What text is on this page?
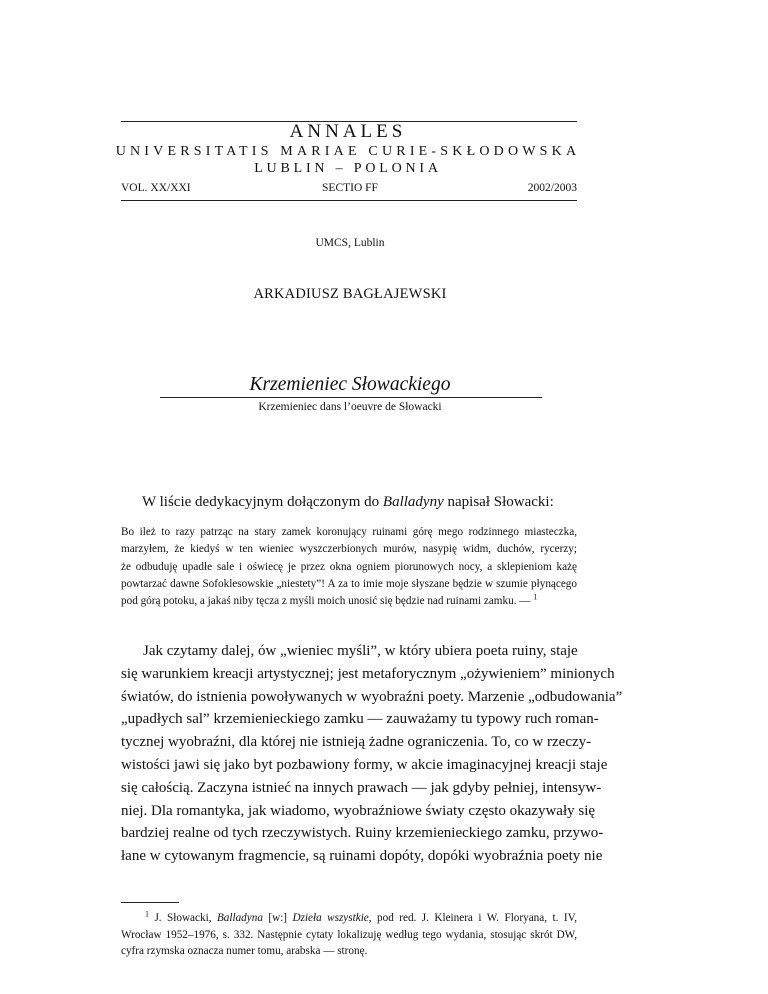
ANNALES
UNIVERSITATIS MARIAE CURIE-SKŁODOWSKA
LUBLIN – POLONIA
VOL. XX/XXI	SECTIO FF	2002/2003
UMCS, Lublin
ARKADIUSZ BAGŁAJEWSKI
Krzemieniec Słowackiego
Krzemieniec dans l’oeuvre de Słowacki
W liście dedykacyjnym dołączonym do Balladyny napisał Słowacki:
Bo ileż to razy patrząc na stary zamek koronujący ruinami górę mego rodzinnego miasteczka,
marzyłem, że kiedyś w ten wieniec wyszczerbionych murów, nasypię widm, duchów, rycerzy;
że odbuduję upadłe sale i oświecę je przez okna ogniem piorunowych nocy, a sklepieniom każę
powtarzać dawne Sofoklesowskie „niestety”! A za to imie moje słyszane będzie w szumie płynącego
pod górą potoku, a jakaś niby tęcza z myśli moich unosić się będzie nad ruinami zamku. — $^1$
Jak czytamy dalej, ów „wieniec myśli”, w który ubiera poeta ruiny, staje
się warunkiem kreacji artystycznej; jest metaforycznym „ożywieniem” minionych
światów, do istnienia powoływanych w wyobraźni poety. Marzenie „odbudowania”
„upadłych sal” krzemienieckiego zamku — zauważamy tu typowy ruch roman-
tycznej wyobraźni, dla której nie istnieją żadne ograniczenia. To, co w rzeczy-
wistości jawi się jako byt pozbawiony formy, w akcie imaginacyjnej kreacji staje
się całością. Zaczyna istnieć na innych prawach — jak gdyby pełniej, intensyw-
niej. Dla romantyka, jak wiadomo, wyobraźniowe światy często okazywały się
bardziej realne od tych rzeczywistych. Ruiny krzemienieckiego zamku, przywo-
łane w cytowanym fragmencie, są ruinami dopóty, dopóki wyobraźnia poety nie
$^1$ J. Słowacki, Balladyna [w:] Dzieła wszystkie, pod red. J. Kleinera i W. Floryana, t. IV,
Wrocław 1952–1976, s. 332. Następnie cytaty lokalizuję według tego wydania, stosując skrót DW,
cyfra rzymska oznacza numer tomu, arabska — stronę.
